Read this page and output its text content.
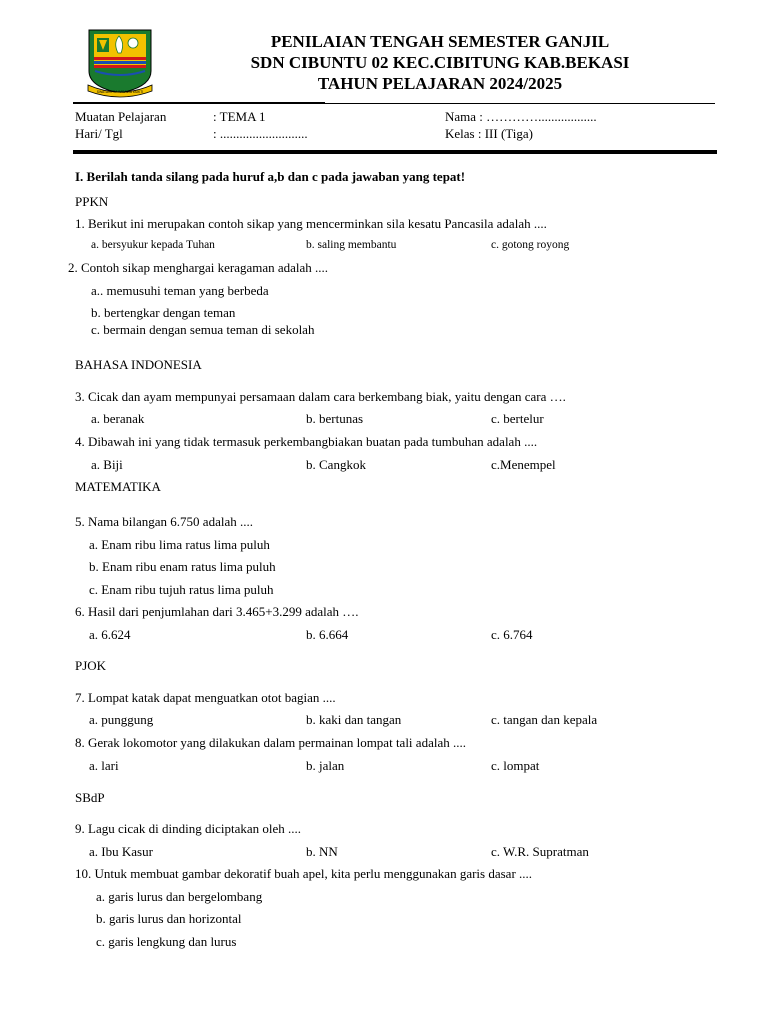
SWATANTRA WIBAWA MUKTI
PENILAIAN TENGAH SEMESTER GANJIL
SDN CIBUNTU 02 KEC.CIBITUNG KAB.BEKASI
TAHUN PELAJARAN 2024/2025
Muatan Pelajaran	: TEMA 1	Nama : …………..................
Hari/ Tgl	: ...........................	Kelas : III (Tiga)
I. Berilah tanda silang pada huruf a,b dan c pada jawaban yang tepat!
PPKN
1. Berikut ini merupakan contoh sikap yang mencerminkan sila kesatu Pancasila adalah ....
a. bersyukur kepada Tuhan	b. saling membantu	c. gotong royong
2. Contoh sikap menghargai keragaman adalah ....
a.. memusuhi teman yang berbeda
b. bertengkar dengan teman
c. bermain dengan semua teman di sekolah
BAHASA INDONESIA
3. Cicak dan ayam mempunyai persamaan dalam cara berkembang biak, yaitu dengan cara ….
a. beranak	b. bertunas	c. bertelur
4. Dibawah ini yang tidak termasuk perkembangbiakan buatan pada tumbuhan adalah ....
a. Biji	b. Cangkok	c.Menempel
MATEMATIKA
5. Nama bilangan 6.750 adalah ....
a. Enam ribu lima ratus lima puluh
b. Enam ribu enam ratus lima puluh
c. Enam ribu tujuh ratus lima puluh
6. Hasil dari penjumlahan dari 3.465+3.299 adalah ….
a. 6.624	b. 6.664	c. 6.764
PJOK
7. Lompat katak dapat menguatkan otot bagian ....
a. punggung	b. kaki dan tangan	c. tangan dan kepala
8. Gerak lokomotor yang dilakukan dalam permainan lompat tali adalah ....
a. lari	b. jalan	c. lompat
SBdP
9. Lagu cicak di dinding diciptakan oleh ....
a. Ibu Kasur	b. NN	c. W.R. Supratman
10. Untuk membuat gambar dekoratif buah apel, kita perlu menggunakan garis dasar ....
a. garis lurus dan bergelombang
b. garis lurus dan horizontal
c. garis lengkung dan lurus
